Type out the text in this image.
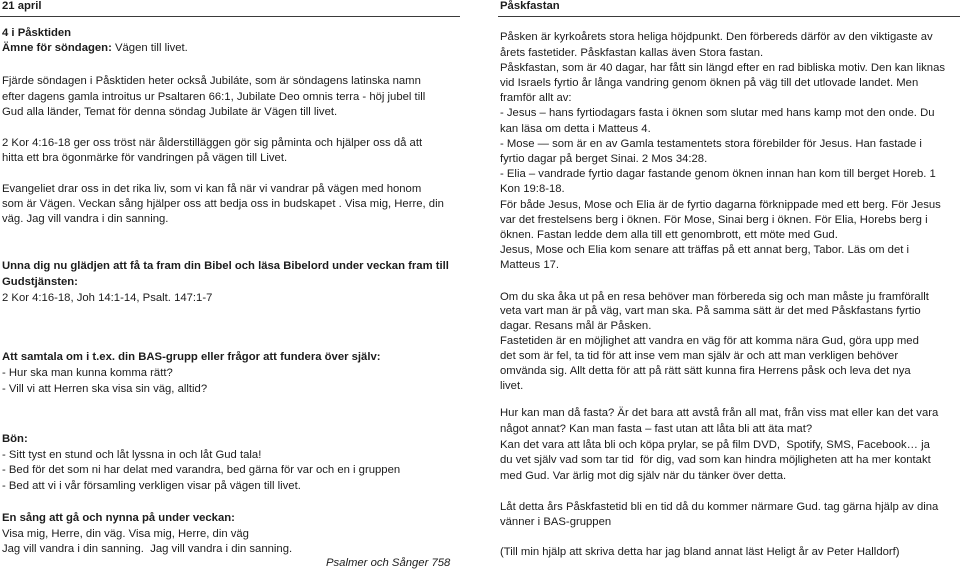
21 april
4 i Påsktiden
Ämne för söndagen: Vägen till livet.
Fjärde söndagen i Påsktiden heter också Jubiláte, som är söndagens latinska namn
efter dagens gamla introitus ur Psaltaren 66:1, Jubilate Deo omnis terra - höj jubel till
Gud alla länder, Temat för denna söndag Jubilate är Vägen till livet.
2 Kor 4:16-18 ger oss tröst när ålderstilläggen gör sig påminta och hjälper oss då att
hitta ett bra ögonmärke för vandringen på vägen till Livet.
Evangeliet drar oss in det rika liv, som vi kan få när vi vandrar på vägen med honom
som är Vägen. Veckan sång hjälper oss att bedja oss in budskapet . Visa mig, Herre, din
väg. Jag vill vandra i din sanning.
Unna dig nu glädjen att få ta fram din Bibel och läsa Bibelord under veckan fram till
Gudstjänsten:
2 Kor 4:16-18, Joh 14:1-14, Psalt. 147:1-7
Att samtala om i t.ex. din BAS-grupp eller frågor att fundera över själv:
- Hur ska man kunna komma rätt?
- Vill vi att Herren ska visa sin väg, alltid?
Bön:
- Sitt tyst en stund och låt lyssna in och låt Gud tala!
- Bed för det som ni har delat med varandra, bed gärna för var och en i gruppen
- Bed att vi i vår församling verkligen visar på vägen till livet.
En sång att gå och nynna på under veckan:
Visa mig, Herre, din väg. Visa mig, Herre, din väg
Jag vill vandra i din sanning.  Jag vill vandra i din sanning.
Psalmer och Sånger 758
Påskfastan
Påsken är kyrkoårets stora heliga höjdpunkt. Den förbereds därför av den viktigaste av
årets fastetider. Påskfastan kallas även Stora fastan.
Påskfastan, som är 40 dagar, har fått sin längd efter en rad bibliska motiv. Den kan liknas
vid Israels fyrtio år långa vandring genom öknen på väg till det utlovade landet. Men
framför allt av:
- Jesus – hans fyrtiodagars fasta i öknen som slutar med hans kamp mot den onde. Du
kan läsa om detta i Matteus 4.
- Mose — som är en av Gamla testamentets stora förebilder för Jesus. Han fastade i
fyrtio dagar på berget Sinai. 2 Mos 34:28.
- Elia – vandrade fyrtio dagar fastande genom öknen innan han kom till berget Horeb. 1
Kon 19:8-18.
För både Jesus, Mose och Elia är de fyrtio dagarna förknippade med ett berg. För Jesus
var det frestelsens berg i öknen. För Mose, Sinai berg i öknen. För Elia, Horebs berg i
öknen. Fastan ledde dem alla till ett genombrott, ett möte med Gud.
Jesus, Mose och Elia kom senare att träffas på ett annat berg, Tabor. Läs om det i
Matteus 17.
Om du ska åka ut på en resa behöver man förbereda sig och man måste ju framförallt
veta vart man är på väg, vart man ska. På samma sätt är det med Påskfastans fyrtio
dagar. Resans mål är Påsken.
Fastetiden är en möjlighet att vandra en väg för att komma nära Gud, göra upp med
det som är fel, ta tid för att inse vem man själv är och att man verkligen behöver
omvända sig. Allt detta för att på rätt sätt kunna fira Herrens påsk och leva det nya
livet.
Hur kan man då fasta? Är det bara att avstå från all mat, från viss mat eller kan det vara
något annat? Kan man fasta – fast utan att låta bli att äta mat?
Kan det vara att låta bli och köpa prylar, se på film DVD,  Spotify, SMS, Facebook… ja
du vet själv vad som tar tid  för dig, vad som kan hindra möjligheten att ha mer kontakt
med Gud. Var ärlig mot dig själv när du tänker över detta.
Låt detta års Påskfastetid bli en tid då du kommer närmare Gud. tag gärna hjälp av dina
vänner i BAS-gruppen
(Till min hjälp att skriva detta har jag bland annat läst Heligt år av Peter Halldorf)
